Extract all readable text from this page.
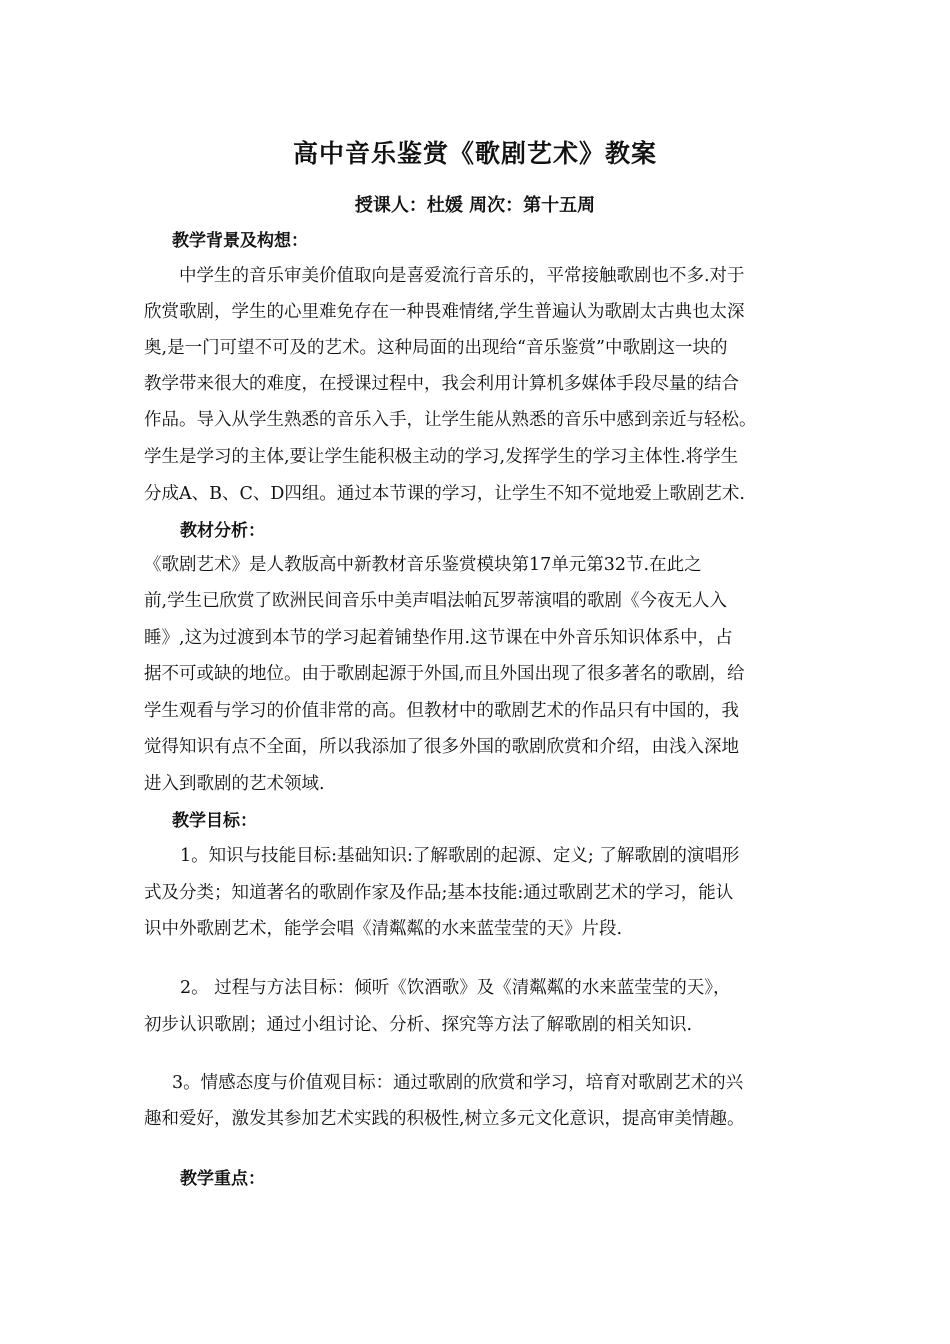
高中音乐鉴赏《歌剧艺术》教案
授课人：杜媛 周次：第十五周
教学背景及构想：
中学生的音乐审美价值取向是喜爱流行音乐的，平常接触歌剧也不多.对于
欣赏歌剧，学生的心里难免存在一种畏难情绪,学生普遍认为歌剧太古典也太深
奥,是一门可望不可及的艺术。这种局面的出现给“音乐鉴赏”中歌剧这一块的
教学带来很大的难度，在授课过程中，我会利用计算机多媒体手段尽量的结合
作品。导入从学生熟悉的音乐入手，让学生能从熟悉的音乐中感到亲近与轻松。
学生是学习的主体,要让学生能积极主动的学习,发挥学生的学习主体性.将学生
分成A、B、C、D四组。通过本节课的学习，让学生不知不觉地爱上歌剧艺术.
教材分析：
《歌剧艺术》是人教版高中新教材音乐鉴赏模块第17单元第32节.在此之
前,学生已欣赏了欧洲民间音乐中美声唱法帕瓦罗蒂演唱的歌剧《今夜无人入
睡》,这为过渡到本节的学习起着铺垫作用.这节课在中外音乐知识体系中，占
据不可或缺的地位。由于歌剧起源于外国,而且外国出现了很多著名的歌剧，给
学生观看与学习的价值非常的高。但教材中的歌剧艺术的作品只有中国的，我
觉得知识有点不全面，所以我添加了很多外国的歌剧欣赏和介绍，由浅入深地
进入到歌剧的艺术领域.
教学目标：
1。知识与技能目标:基础知识:了解歌剧的起源、定义; 了解歌剧的演唱形
式及分类；知道著名的歌剧作家及作品;基本技能:通过歌剧艺术的学习，能认
识中外歌剧艺术，能学会唱《清粼粼的水来蓝莹莹的天》片段.
2。 过程与方法目标：倾听《饮酒歌》及《清粼粼的水来蓝莹莹的天》，
初步认识歌剧；通过小组讨论、分析、探究等方法了解歌剧的相关知识.
3。情感态度与价值观目标：通过歌剧的欣赏和学习，培育对歌剧艺术的兴
趣和爱好，激发其参加艺术实践的积极性,树立多元文化意识，提高审美情趣。
教学重点：
